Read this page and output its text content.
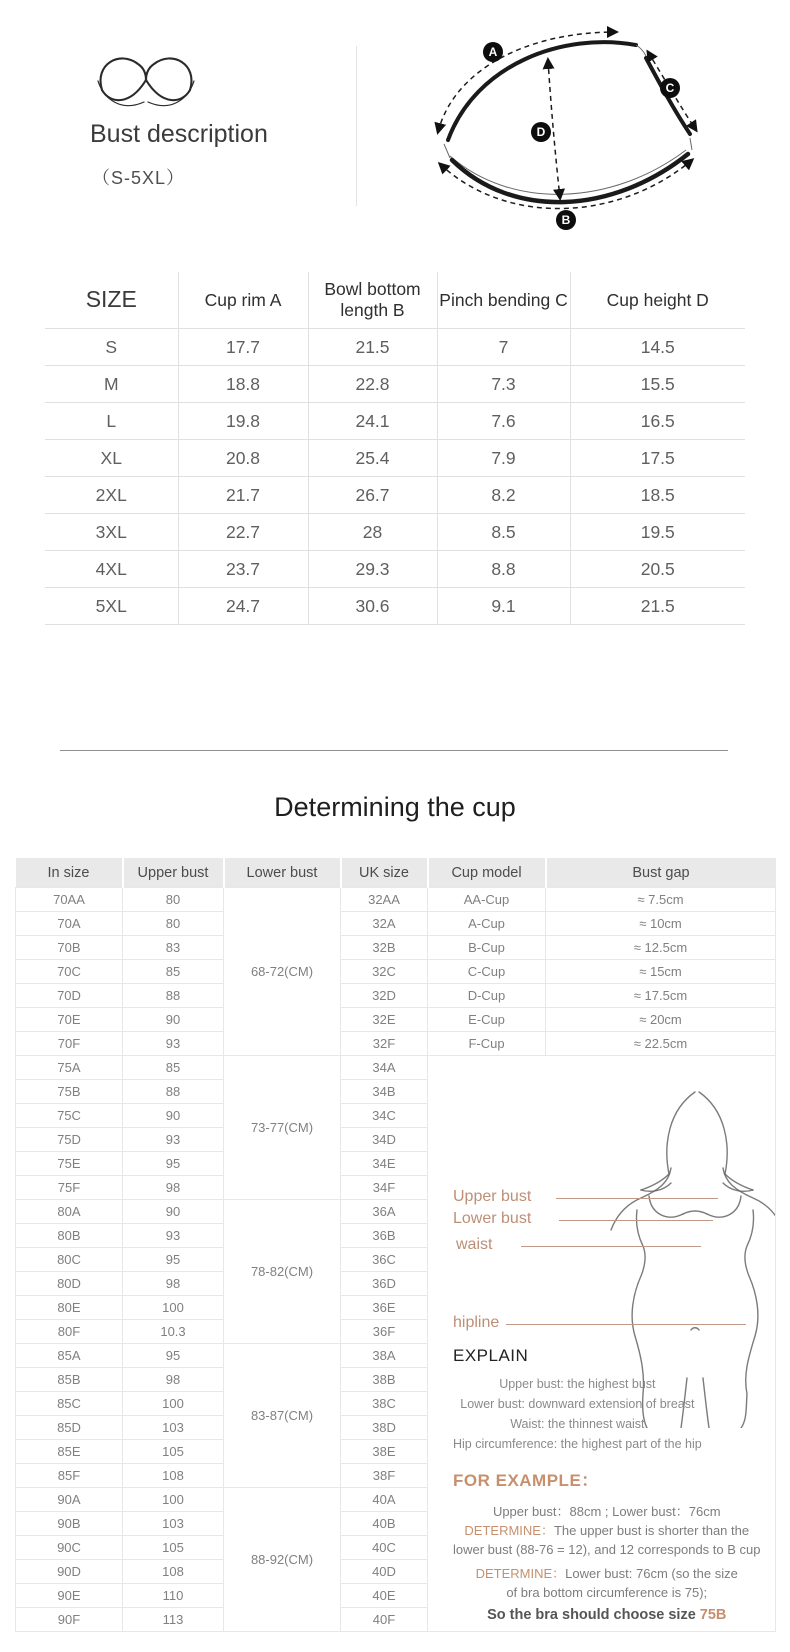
Bust description
（S-5XL）
A
C
B
D
SIZE	Cup rim A	Bowl bottom length B	Pinch bending C	Cup height D
S	17.7	21.5	7	14.5
M	18.8	22.8	7.3	15.5
L	19.8	24.1	7.6	16.5
XL	20.8	25.4	7.9	17.5
2XL	21.7	26.7	8.2	18.5
3XL	22.7	28	8.5	19.5
4XL	23.7	29.3	8.8	20.5
5XL	24.7	30.6	9.1	21.5
Determining the cup
In size	Upper bust	Lower bust	UK size	Cup model	Bust gap
70AA	80	68-72(CM)	32AA	AA-Cup	≈ 7.5cm
70A	80		32A	A-Cup	≈ 10cm
70B	83		32B	B-Cup	≈ 12.5cm
70C	85		32C	C-Cup	≈ 15cm
70D	88		32D	D-Cup	≈ 17.5cm
70E	90		32E	E-Cup	≈ 20cm
70F	93		32F	F-Cup	≈ 22.5cm
75A	85	73-77(CM)	34A	
Upper bust
Lower bust
waist
hipline
EXPLAIN
Upper bust: the highest bust
Lower bust: downward extension of breast
Waist: the thinnest waist
Hip circumference: the highest part of the hip
FOR EXAMPLE：
Upper bust：88cm ; Lower bust：76cm
DETERMINE：The upper bust is shorter than the
lower bust (88-76 = 12), and 12 corresponds to B cup
DETERMINE：Lower bust: 76cm (so the size
of bra bottom circumference is 75);
So the bra should choose size 75B

75B	88		34B		
75C	90		34C		
75D	93		34D		
75E	95		34E		
75F	98		34F		
80A	90	78-82(CM)	36A		
80B	93		36B		
80C	95		36C		
80D	98		36D		
80E	100		36E		
80F	10.3		36F		
85A	95	83-87(CM)	38A		
85B	98		38B		
85C	100		38C		
85D	103		38D		
85E	105		38E		
85F	108		38F		
90A	100	88-92(CM)	40A		
90B	103		40B		
90C	105		40C		
90D	108		40D		
90E	110		40E		
90F	113		40F		
